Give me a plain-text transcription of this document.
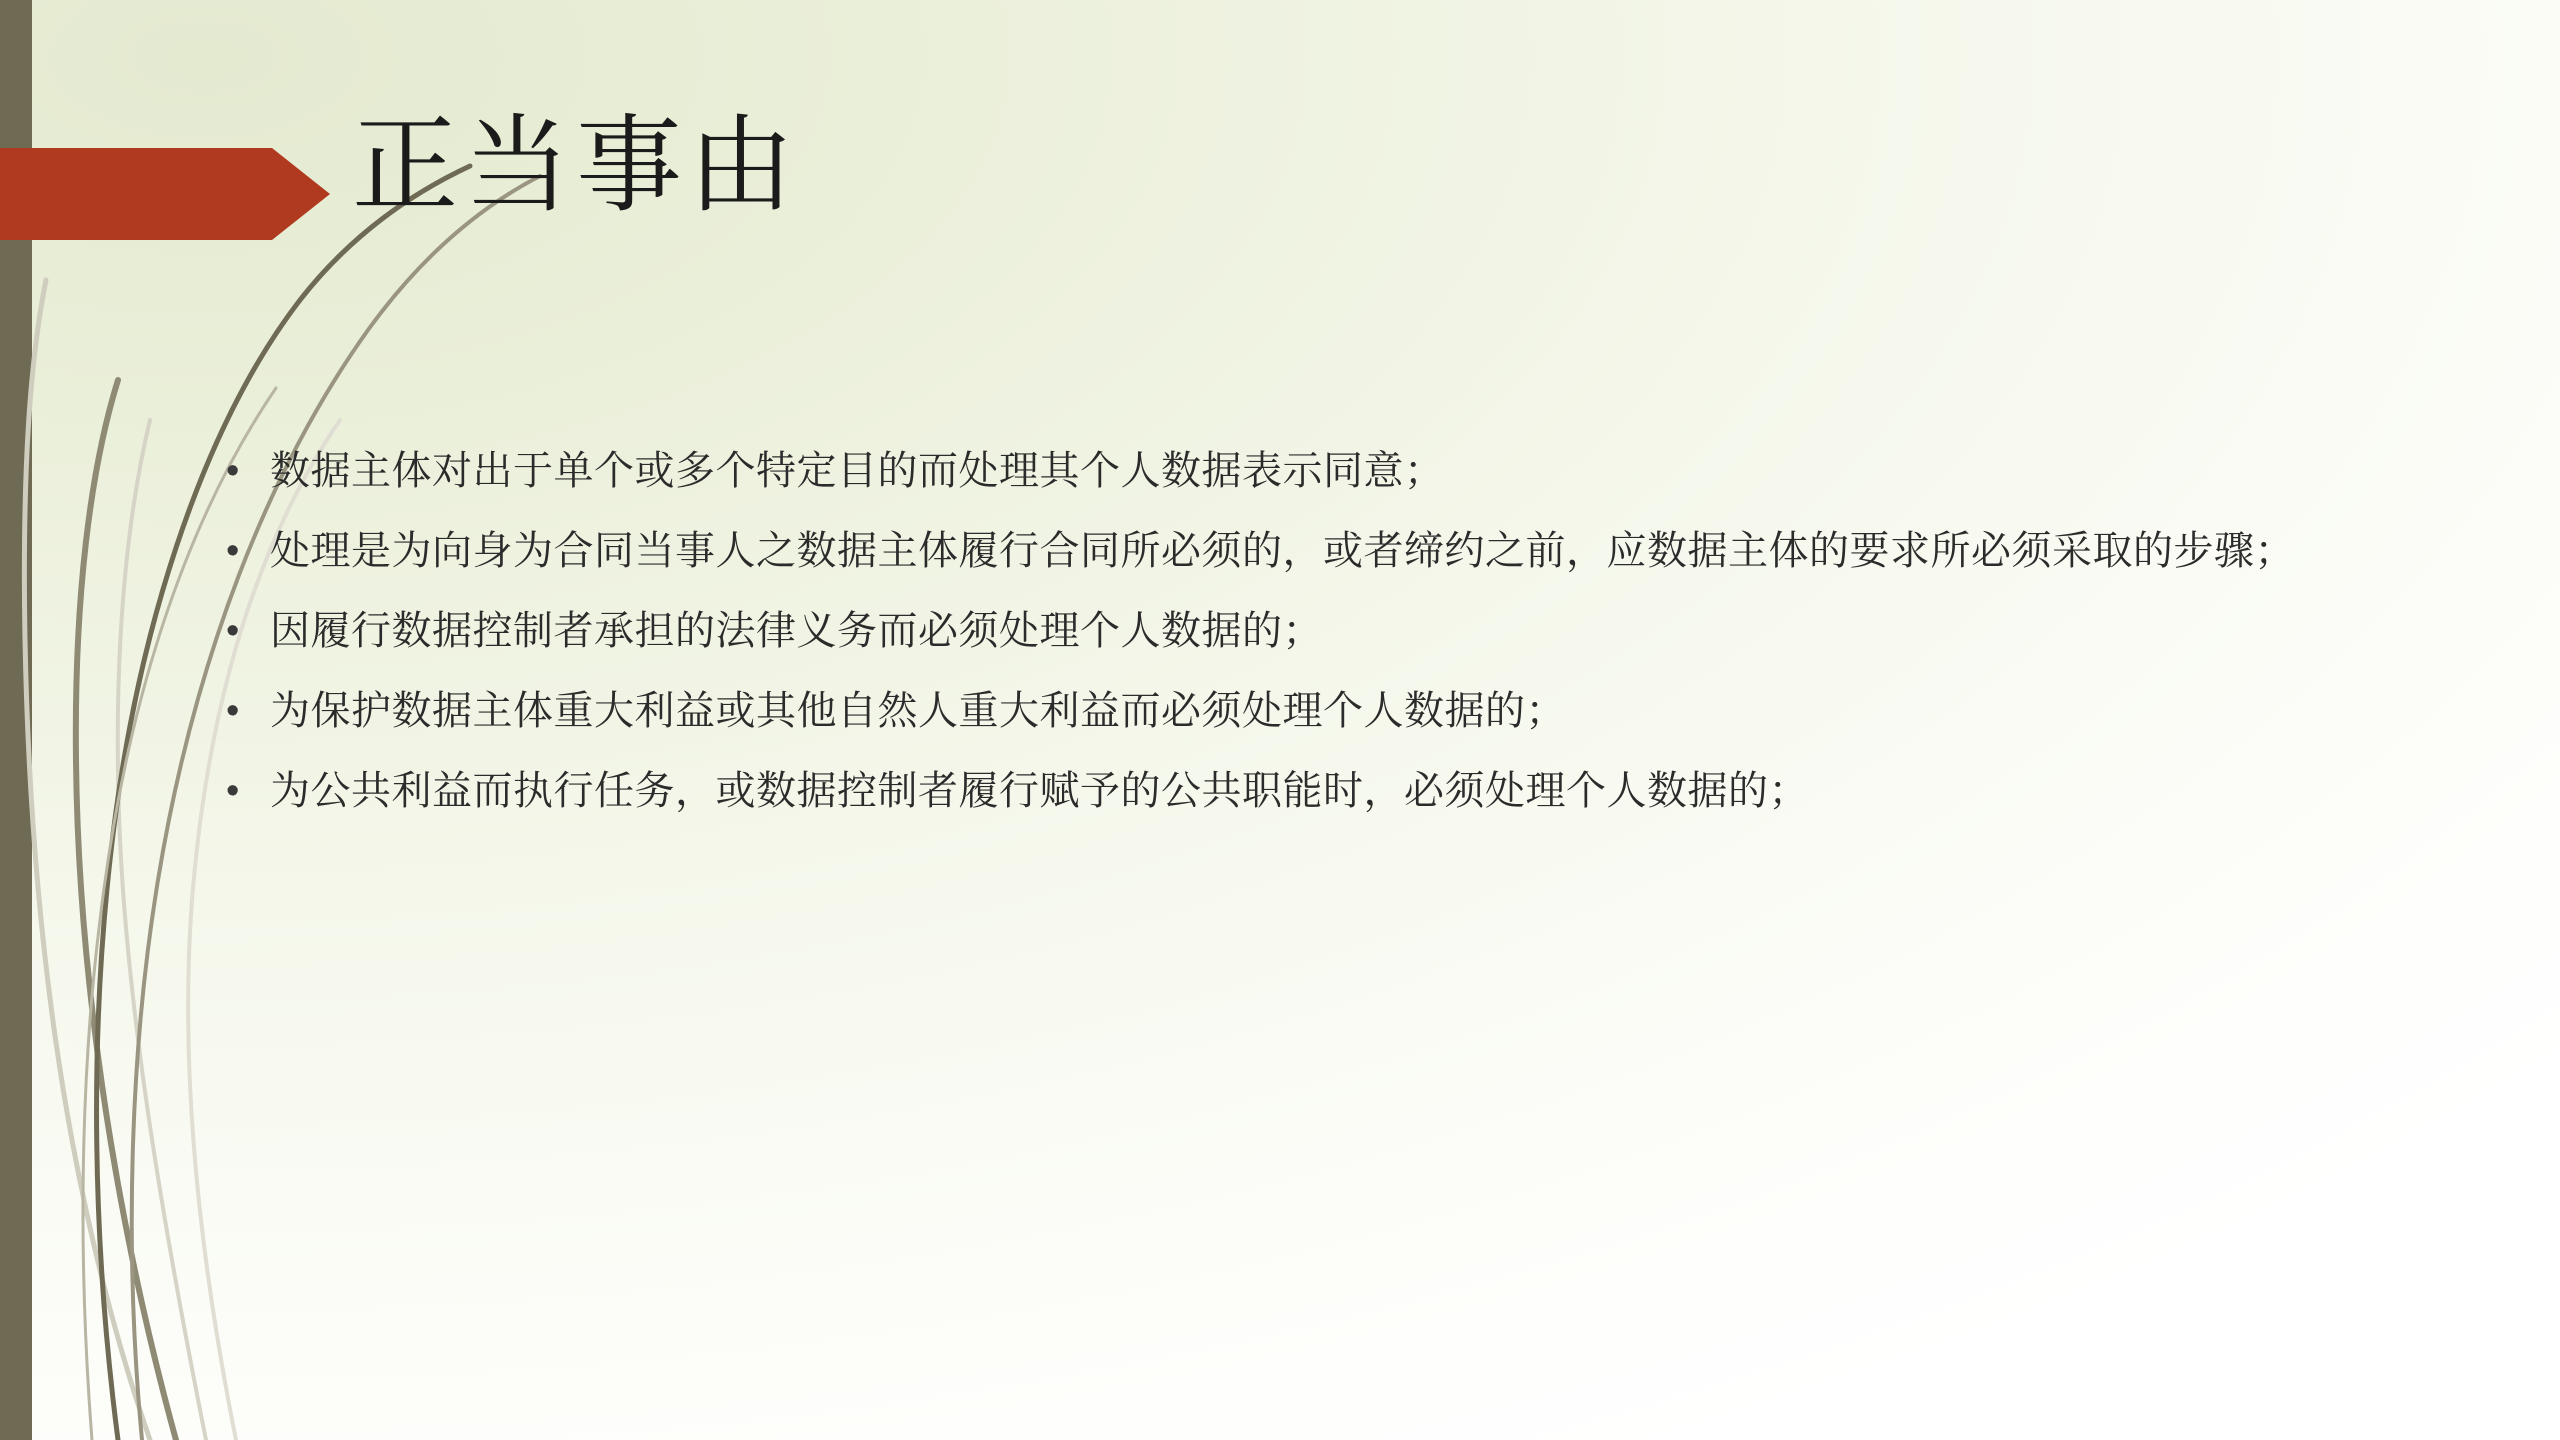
正当事由
• 数据主体对出于单个或多个特定目的而处理其个人数据表示同意；
• 处理是为向身为合同当事人之数据主体履行合同所必须的，或者缔约之前，应数据主体的要求所必须采取的步骤；
• 因履行数据控制者承担的法律义务而必须处理个人数据的；
• 为保护数据主体重大利益或其他自然人重大利益而必须处理个人数据的；
• 为公共利益而执行任务，或数据控制者履行赋予的公共职能时，必须处理个人数据的；
